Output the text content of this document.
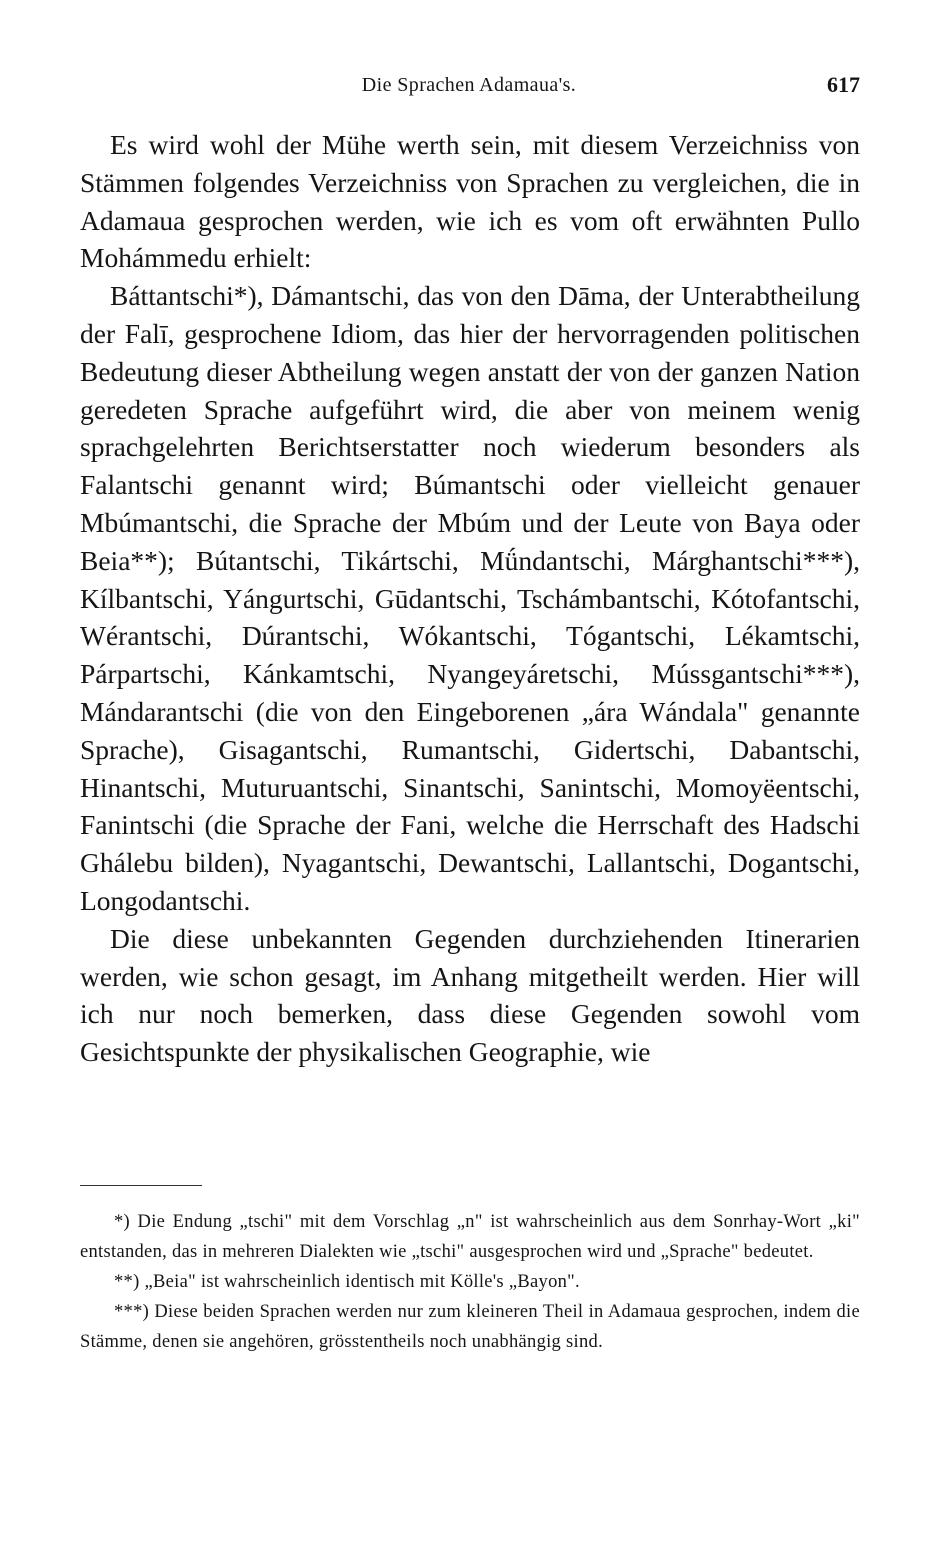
Die Sprachen Adamaua's.	617

Es wird wohl der Mühe werth sein, mit diesem Verzeichniss von Stämmen folgendes Verzeichniss von Sprachen zu vergleichen, die in Adamaua gesprochen werden, wie ich es vom oft erwähnten Pullo Mohámmedu erhielt:

Báttantschi*), Dámantschi, das von den Dāma, der Unterabtheilung der Falī, gesprochene Idiom, das hier der hervorragenden politischen Bedeutung dieser Abtheilung wegen anstatt der von der ganzen Nation geredeten Sprache aufgeführt wird, die aber von meinem wenig sprachgelehrten Berichtserstatter noch wiederum besonders als Falantschi genannt wird; Búmantschi oder vielleicht genauer Mbúmantschi, die Sprache der Mbúm und der Leute von Baya oder Beia**); Bútantschi, Tikártschi, Mǘndantschi, Márghantschi***), Kílbantschi, Yángurtschi, Gūdantschi, Tschámbantschi, Kótofantschi, Wérantschi, Dúrantschi, Wókantschi, Tógantschi, Lékamtschi, Párpartschi, Kánkamtschi, Nyangeyáretschi, Mússgantschi***), Mándarantschi (die von den Eingeborenen „ára Wándala" genannte Sprache), Gisagantschi, Rumantschi, Gidertschi, Dabantschi, Hinantschi, Muturuantschi, Sinantschi, Sanintschi, Momoyëentschi, Fanintschi (die Sprache der Fani, welche die Herrschaft des Hadschi Ghálebu bilden), Nyagantschi, Dewantschi, Lallantschi, Dogantschi, Longodantschi.

Die diese unbekannten Gegenden durchziehenden Itinerarien werden, wie schon gesagt, im Anhang mitgetheilt werden. Hier will ich nur noch bemerken, dass diese Gegenden sowohl vom Gesichtspunkte der physikalischen Geographie, wie

*) Die Endung „tschi" mit dem Vorschlag „n" ist wahrscheinlich aus dem Sonrhay-Wort „ki" entstanden, das in mehreren Dialekten wie „tschi" ausgesprochen wird und „Sprache" bedeutet.

**) „Beia" ist wahrscheinlich identisch mit Kölle's „Bayon".

***) Diese beiden Sprachen werden nur zum kleineren Theil in Adamaua gesprochen, indem die Stämme, denen sie angehören, grösstentheils noch unabhängig sind.
